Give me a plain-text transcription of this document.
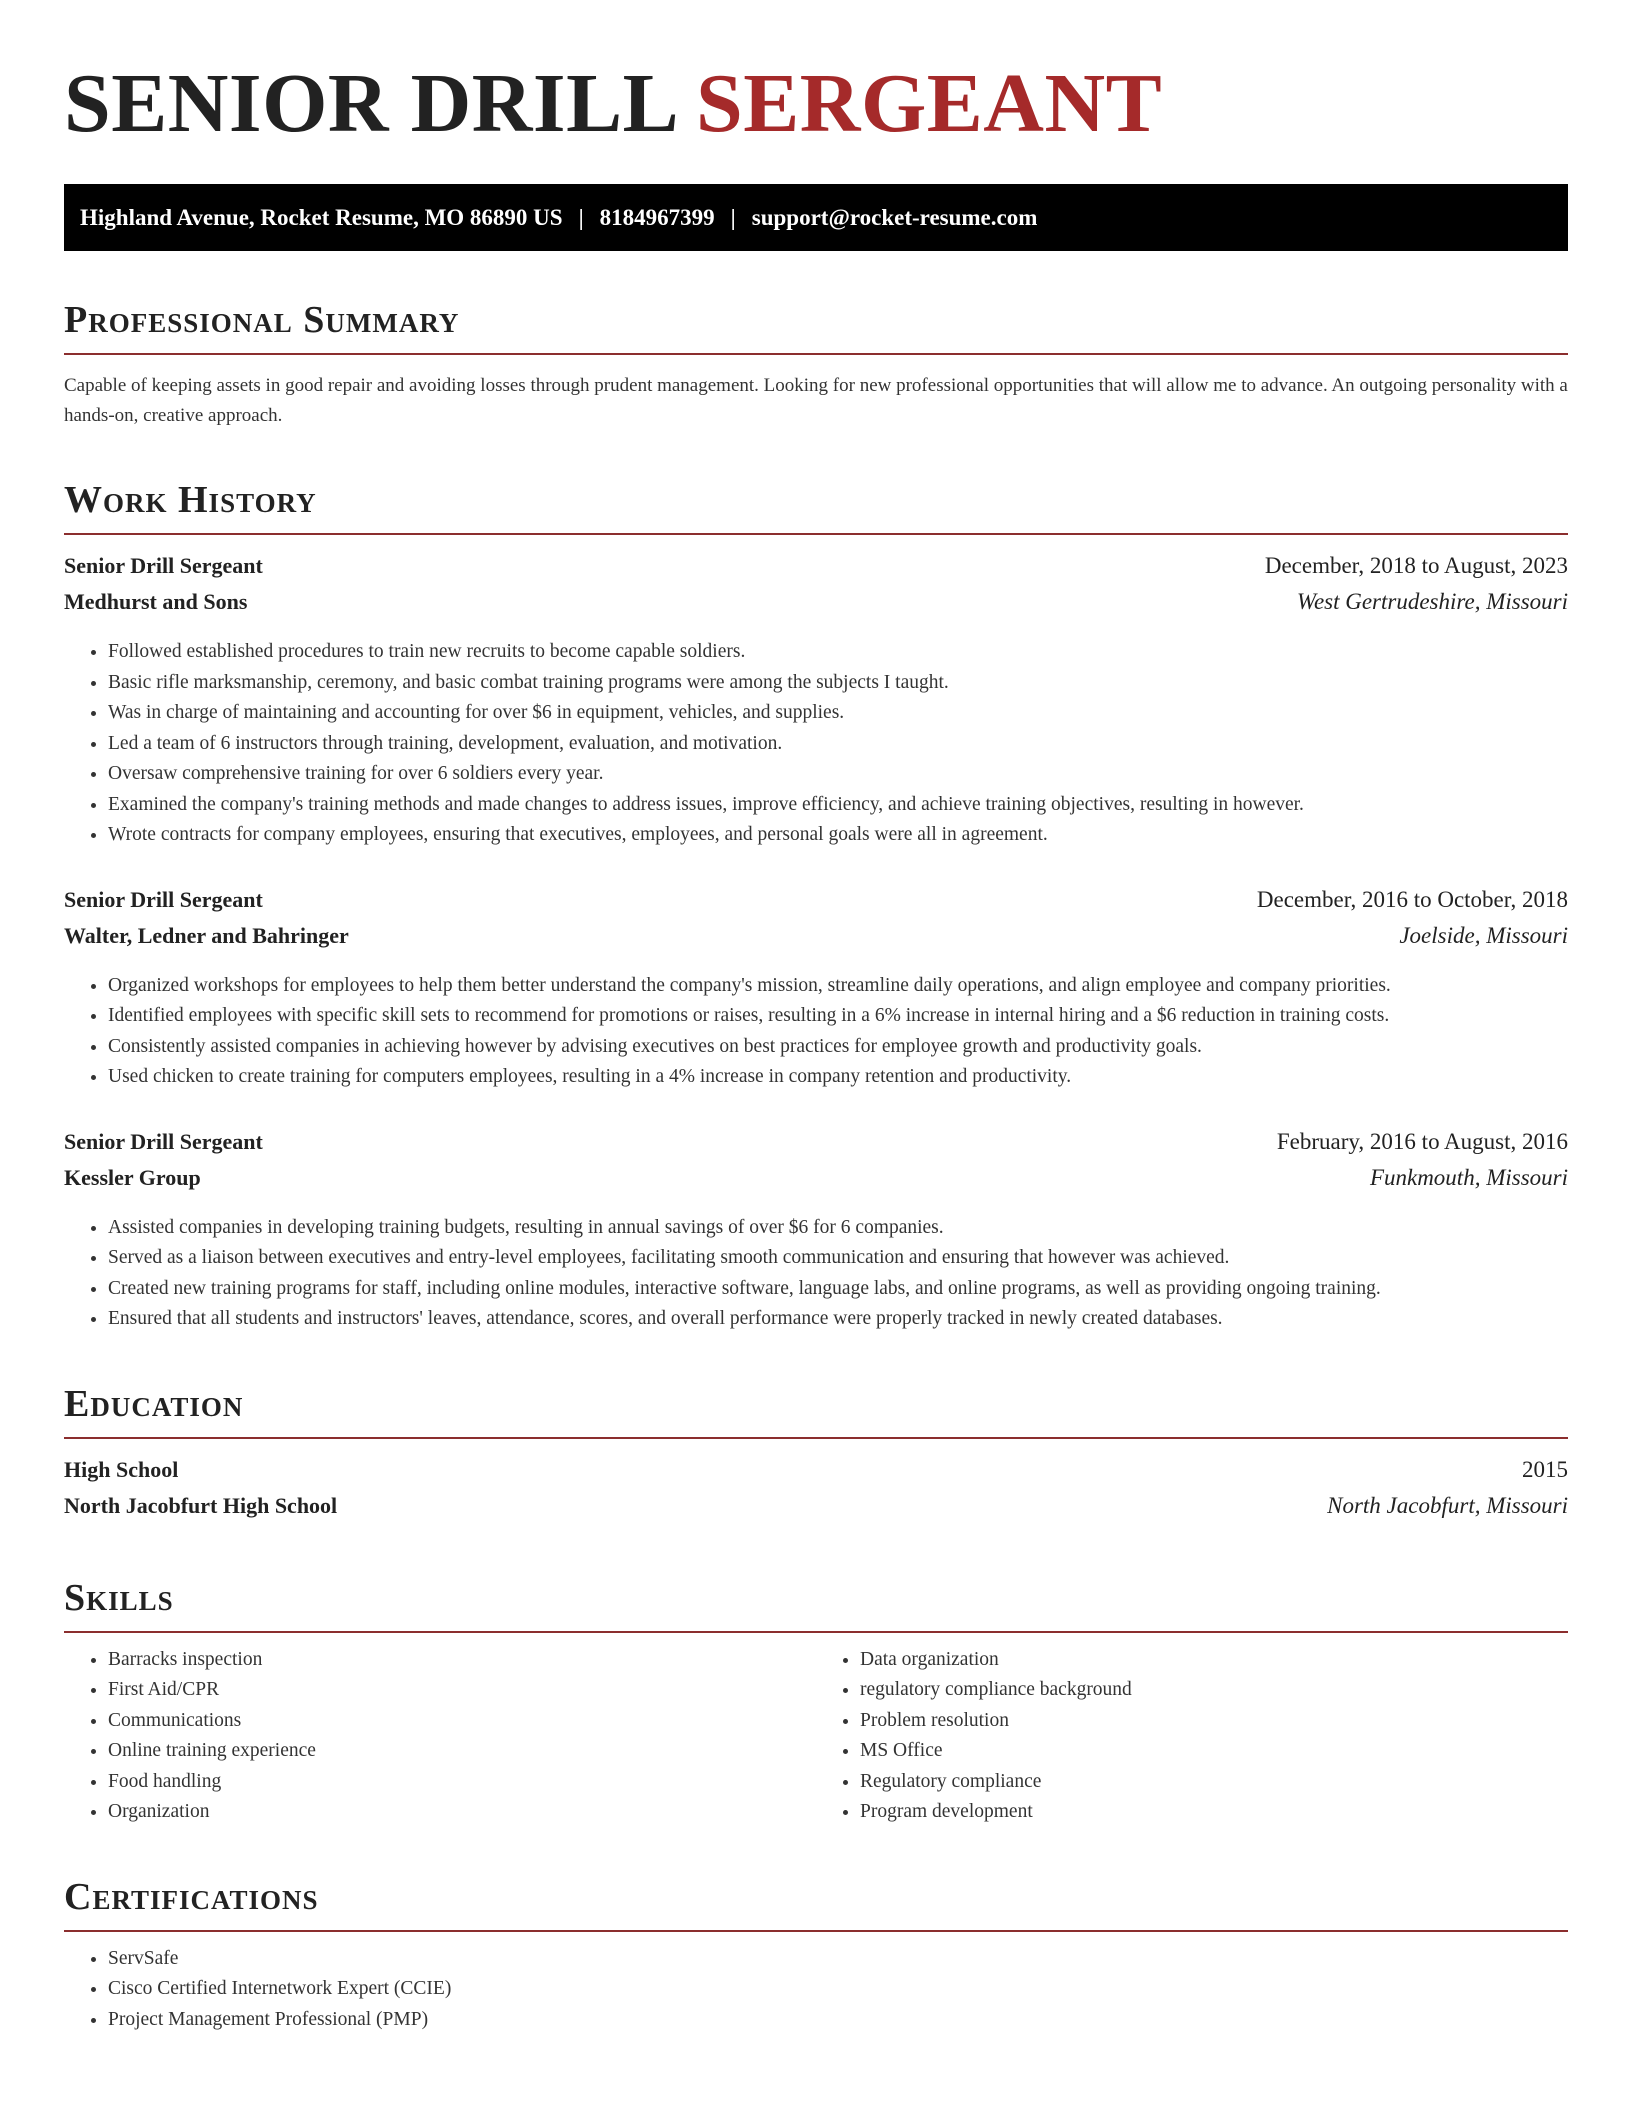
SENIOR DRILL SERGEANT
Highland Avenue, Rocket Resume, MO 86890 US | 8184967399 | support@rocket-resume.com
Professional Summary

Capable of keeping assets in good repair and avoiding losses through prudent management. Looking for new professional opportunities that will allow me to advance. An outgoing personality with a hands-on, creative approach.

Work History
Senior Drill Sergeant	December, 2018 to August, 2023
Medhurst and Sons	West Gertrudeshire, Missouri
• Followed established procedures to train new recruits to become capable soldiers.
• Basic rifle marksmanship, ceremony, and basic combat training programs were among the subjects I taught.
• Was in charge of maintaining and accounting for over $6 in equipment, vehicles, and supplies.
• Led a team of 6 instructors through training, development, evaluation, and motivation.
• Oversaw comprehensive training for over 6 soldiers every year.
• Examined the company's training methods and made changes to address issues, improve efficiency, and achieve training objectives, resulting in however.
• Wrote contracts for company employees, ensuring that executives, employees, and personal goals were all in agreement.
Senior Drill Sergeant	December, 2016 to October, 2018
Walter, Ledner and Bahringer	Joelside, Missouri
• Organized workshops for employees to help them better understand the company's mission, streamline daily operations, and align employee and company priorities.
• Identified employees with specific skill sets to recommend for promotions or raises, resulting in a 6% increase in internal hiring and a $6 reduction in training costs.
• Consistently assisted companies in achieving however by advising executives on best practices for employee growth and productivity goals.
• Used chicken to create training for computers employees, resulting in a 4% increase in company retention and productivity.
Senior Drill Sergeant	February, 2016 to August, 2016
Kessler Group	Funkmouth, Missouri
• Assisted companies in developing training budgets, resulting in annual savings of over $6 for 6 companies.
• Served as a liaison between executives and entry-level employees, facilitating smooth communication and ensuring that however was achieved.
• Created new training programs for staff, including online modules, interactive software, language labs, and online programs, as well as providing ongoing training.
• Ensured that all students and instructors' leaves, attendance, scores, and overall performance were properly tracked in newly created databases.
Education
High School	2015
North Jacobfurt High School	North Jacobfurt, Missouri
Skills
• Barracks inspection
• First Aid/CPR
• Communications
• Online training experience
• Food handling
• Organization
• Data organization
• regulatory compliance background
• Problem resolution
• MS Office
• Regulatory compliance
• Program development
Certifications
• ServSafe
• Cisco Certified Internetwork Expert (CCIE)
• Project Management Professional (PMP)
